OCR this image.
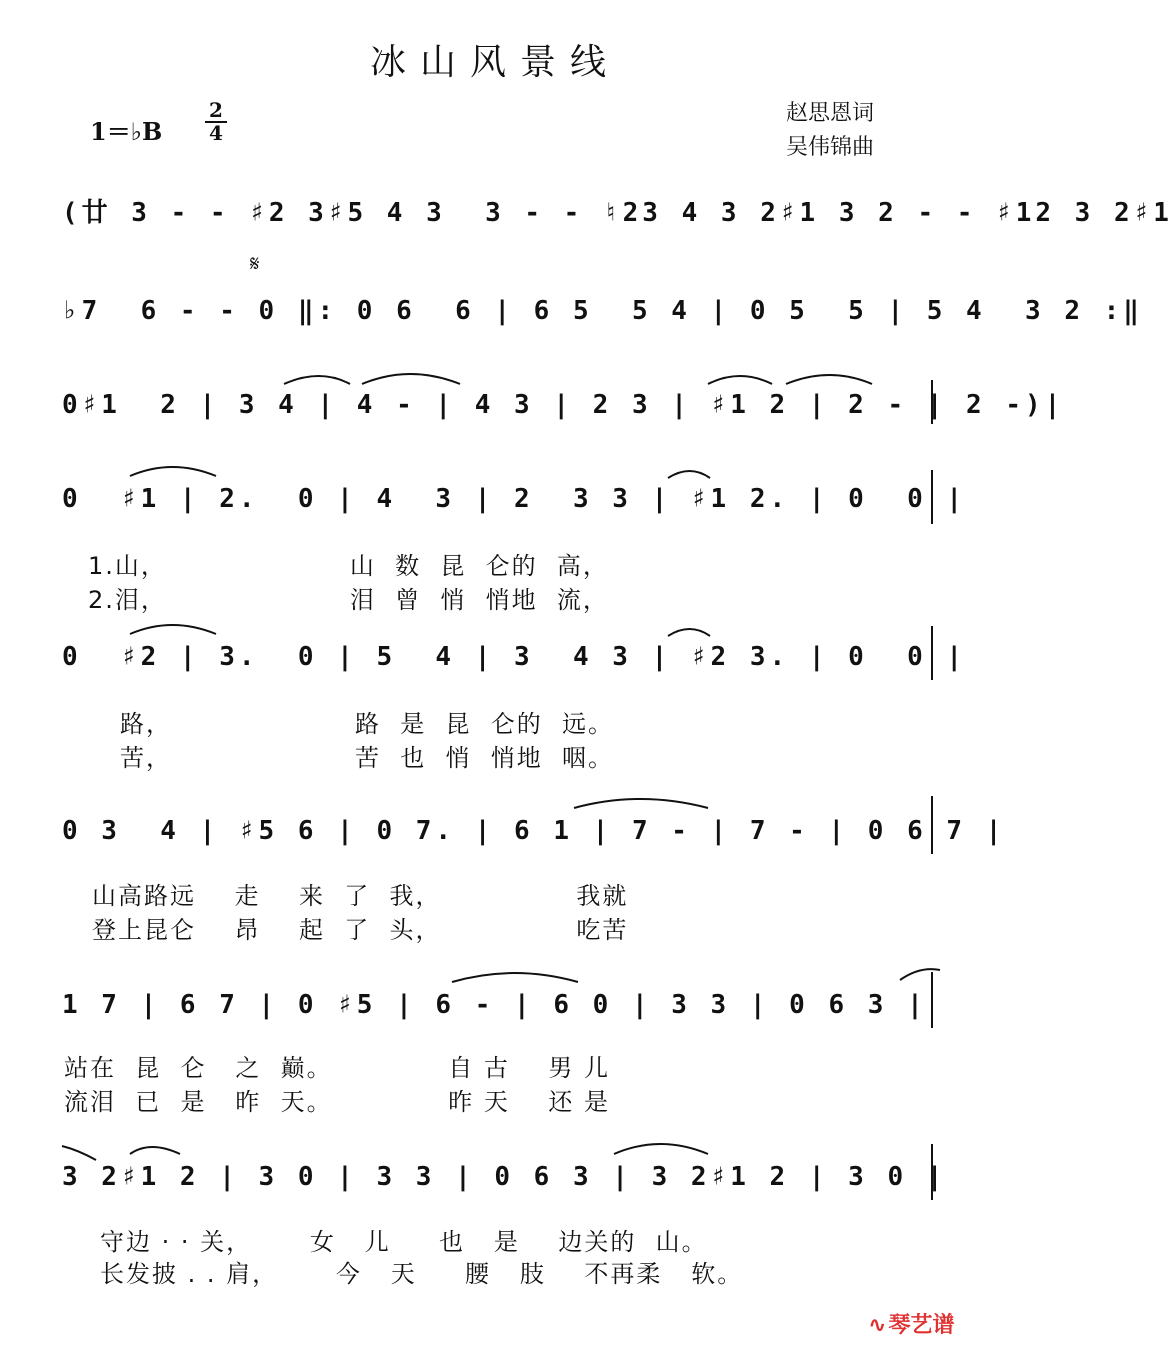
冰山风景线
1＝♭B
2
4
赵思恩词
吴伟锦曲
𝄋
(廿 3 - - ♯2 3♯5 4 3  3 - - ♮23 4 3 2♯1 3 2 - - ♯12 3 2♯1
♭7  6 - - 0 ‖: 0 6  6 | 6 5  5 4 | 0 5  5 | 5 4  3 2 :‖
0♯1  2 | 3 4 | 4 - | 4 3 | 2 3 | ♯1 2 | 2 - | 2 -)|
0  ♯1 | 2.  0 | 4  3 | 2  3 3 | ♯1 2. | 0  0 |
0  ♯2 | 3.  0 | 5  4 | 3  4 3 | ♯2 3. | 0  0 |
0 3  4 | ♯5 6 | 0 7. | 6 1 | 7 - | 7 - | 0 6 7 |
1 7 | 6 7 | 0 ♯5 | 6 - | 6 0 | 3 3 | 0 6 3 |
3 2♯1 2 | 3 0 | 3 3 | 0 6 3 | 3 2♯1 2 | 3 0 |
1.山，                   山  数  昆  仑的  高，
2.泪，                   泪  曾  悄  悄地  流，
路，                   路  是  昆  仑的  远。
苦，                   苦  也  悄  悄地  咽。
山高路远    走    来  了  我，              我就
登上昆仑    昂    起  了  头，              吃苦
站在  昆  仑   之  巅。            自 古    男 儿
流泪  已  是   昨  天。            昨 天    还 是
守边 · · 关，      女   儿     也   是    边关的  山。
长发披 . . 肩，      今   天     腰   肢    不再柔   软。
∿琴艺谱
